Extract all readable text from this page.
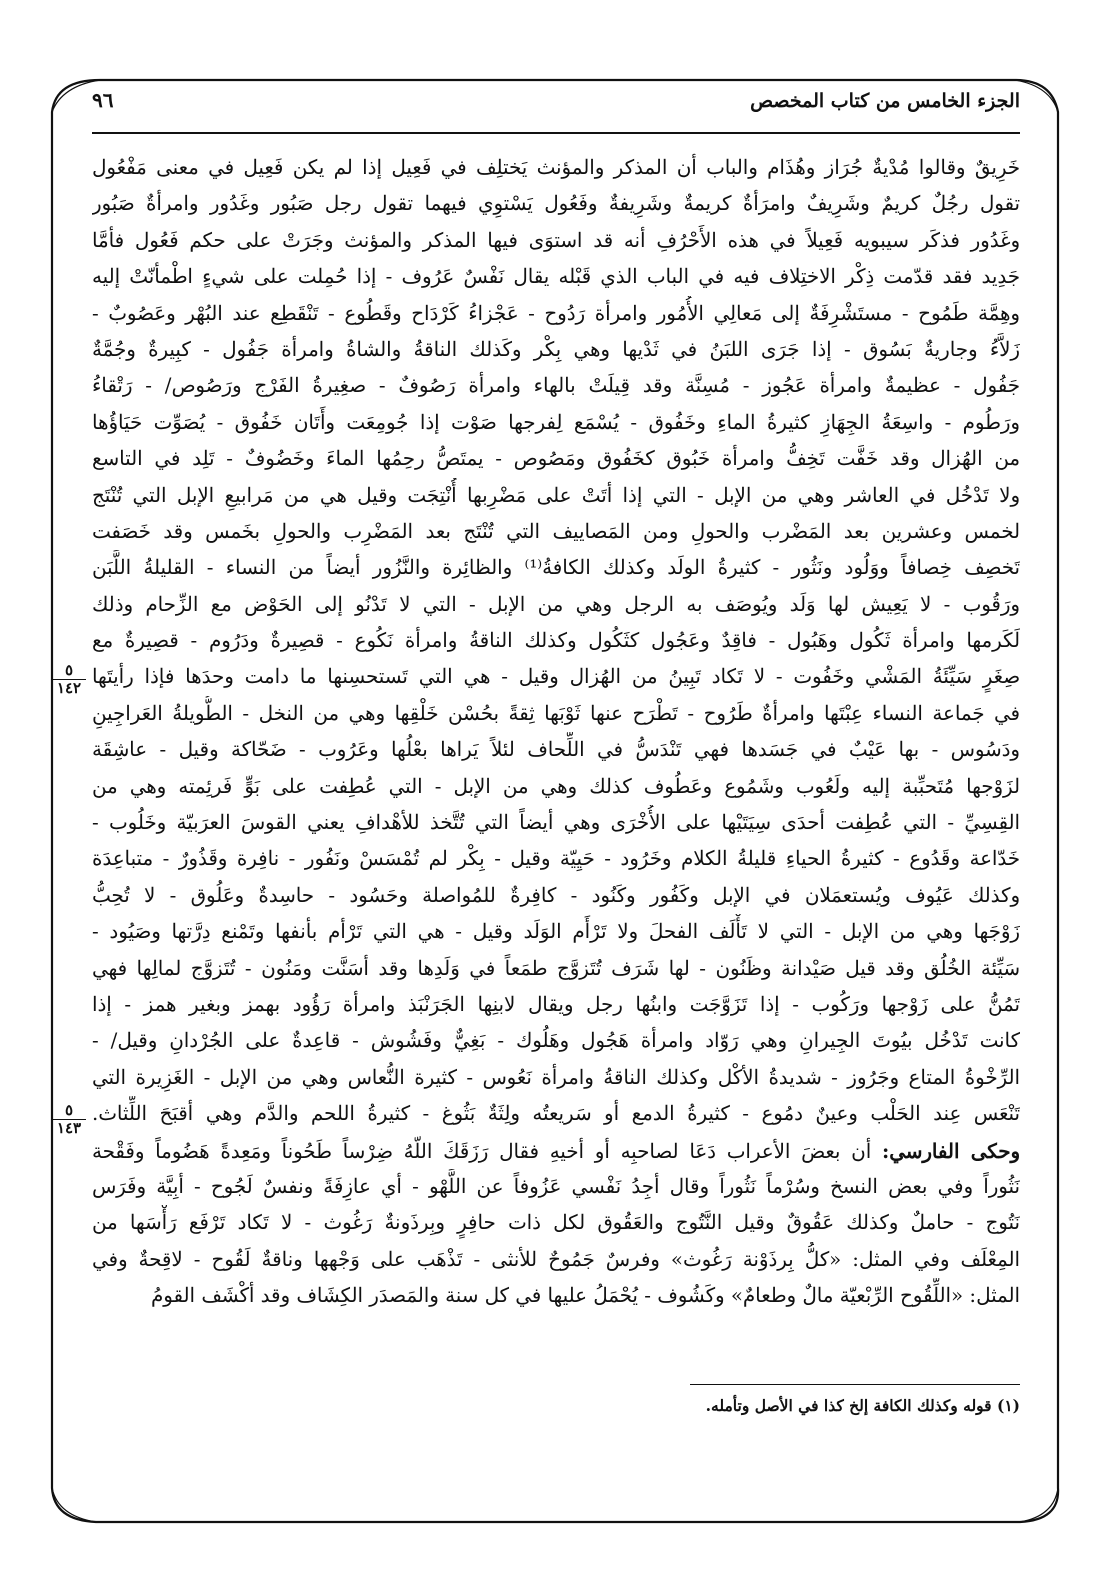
الجزء الخامس من كتاب المخصص
٩٦
خَرِيقٌ وقالوا مُدْيةٌ جُرَاز وهُذَام والباب أن المذكر والمؤنث يَختلِف في فَعِيل إذا لم يكن فَعِيل في معنى مَفْعُول
تقول رجُلٌ كريمٌ وشَرِيفٌ وامرَأةٌ كريمةٌ وشَرِيفةٌ وفَعُول يَسْتوِي فيهما تقول رجل صَبُور وغَدُور وامرأةٌ صَبُور
وغَدُور فذكَر سيبويه فَعِيلاً في هذه الأَحْرُفِ أنه قد استوَى فيها المذكر والمؤنث وجَرَتْ على حكم فَعُول فأمَّا
جَدِيد فقد قدّمت ذِكْر الاختِلاف فيه في الباب الذي قَبْله يقال نَفْسٌ عَرُوف - إذا حُمِلت على شيءٍ اطْمأنّتْ إليه
وهِمَّة طَمُوح - مستَشْرِفَةٌ إلى مَعالِي الأُمُور وامرأة رَدُوح - عَجْزاءُ كَرْدَاح وقَطُوع - تَنْقَطِع عند البُهْر وعَصُوبٌ -
زَلاَّءُ وجاريةٌ بَسُوق - إذا جَرَى اللبَنُ في ثَدْيها وهي بِكْر وكَذلك الناقةُ والشاةُ وامرأة جَفُول - كبِيرةٌ وجُمَّةٌ
جَفُول - عظيمةٌ وامرأة عَجُوز - مُسِنَّة وقد قِيلَتْ بالهاء وامرأة رَصُوفٌ - صغِيرةُ الفَرْج ورَصُوص/ - رَتْقاءُ
ورَطُوم - واسِعَةُ الجِهَازِ كثيرةُ الماءِ وخَفُوق - يُسْمَع لِفرجها صَوْت إذا جُومِعَت وأَتَان خَفُوق - يُصَوِّت حَيَاؤُها
من الهُزال وقد خَفَّت تَخِفُّ وامرأة خَبُوق كخَفُوق ومَصُوص - يمتَصُّ رحِمُها الماءَ وخَضُوفٌ - تَلِد في التاسع
ولا تَدْخُل في العاشر وهي من الإبل - التي إذا أتَتْ على مَضْرِبها أُنْتِجَت وقيل هي من مَرابيعِ الإبل التي تُنْتَج
لخمس وعشرين بعد المَضْرب والحولِ ومن المَصاييف التي تُنْتَج بعد المَضْرِب والحولِ بخَمس وقد خَصَفت
تَخصِف خِصافاً ووَلُود ونَثُور - كثيرةُ الولَد وكذلك الكافةُ⁽¹⁾ والظائِرة والنَّزُور أيضاً من النساء - القليلةُ اللَّبَن
ورَقُوب - لا يَعِيش لها وَلَد ويُوصَف به الرجل وهي من الإبل - التي لا تَدْنُو إلى الحَوْض مع الزِّحام وذلك
لَكَرمها وامرأة ثَكُول وهَبُول - فاقِدٌ وعَجُول كثَكُول وكذلك الناقةُ وامرأة نَكُوع - قصِيرةٌ ودَرُوم - قصِيرةٌ مع
صِغَرٍ سَيِّئَةُ المَشْي وخَفُوت - لا تَكاد تَبِينُ من الهُزال وقيل - هي التي تَستحسِنها ما دامت وحدَها فإذا رأيتَها
في جَماعة النساء عِبْتَها وامرأةٌ طَرُوح - تَطْرَح عنها ثَوْبَها ثِقةً بحُسْن خَلْقِها وهي من النخل - الطُّويلةُ العَراجِينِ
ودَسُوس - بها عَيْبٌ في جَسَدها فهي تَنْدَسُّ في اللِّحاف لئلاً يَراها بعْلُها وعَرُوب - ضَحّاكة وقيل - عاشِقَة
لزَوْجها مُتَحبِّبة إليه ولَعُوب وشَمُوع وعَطُوف كذلك وهي من الإبل - التي عُطِفت على بَوٍّ فَرئِمته وهي من
القِسِيِّ - التي عُطِفت أحدَى سِيَتَيْها على الأُخْرَى وهي أيضاً التي تُتَّخذ للأهْدافِ يعني القوسَ العرَبيّة وخَلُوب -
خَدّاعة وقَدُوع - كثيرةُ الحياءِ قليلةُ الكلام وخَرُود - حَيِيّة وقيل - بِكْر لم تُمْسَسْ ونَفُور - نافِرة وقَذُورٌ - متباعِدَة
وكذلك عَيُوف ويُستعمَلان في الإبل وكَفُور وكَنُود - كافِرةٌ للمُواصلة وحَسُود - حاسِدةٌ وعَلُوق - لا تُحِبُّ
زَوْجَها وهي من الإبل - التي لا تَأْلَف الفحلَ ولا تَرْأَم الوَلَد وقيل - هي التي تَرْأم بأنفها وتَمْنع دِرَّتها وصَيُود -
سَيِّئة الخُلُق وقد قيل صَيْدانة وظَنُون - لها شَرَف تُتَزوَّج طمَعاً في وَلَدِها وقد أسَنَّت ومَنُون - تُتَزوَّج لمالِها فهي
تَمُنُّ على زَوْجها ورَكُوب - إذا تَزَوَّجَت وابنُها رجل ويقال لابنِها الجَرَنْبَذ وامرأة رَؤُود بهمز وبغير همز - إذا
كانت تَدْخُل بيُوتَ الجِيرانِ وهي رَوّاد وامرأة هَجُول وهَلُوك - بَغِيٌّ وفَشُوش - قاعِدةٌ على الجُرْدانِ وقيل/ -
الرِّخْوةُ المتاع وجَرُوز - شديدةُ الأكْل وكذلك الناقةُ وامرأة نَعُوس - كثيرة النُّعاس وهي من الإبل - الغَزِيرة التي
تَنْعَس عِند الحَلْب وعينٌ دمُوع - كثيرةُ الدمع أو سَريعتُه ولِثَةٌ بَثُوغ - كثيرةُ اللحم والدَّم وهي أقبَحَ اللِّثاث.
وحكى الفارسي: أن بعضَ الأعراب دَعَا لصاحبِه أو أخيهِ فقال رَزَقَكَ اللّهُ ضِرْساً طَحُوناً ومَعِدةً هَضُوماً وفَقْحة
نَثُوراً وفي بعض النسخ وسُرْماً نَثُوراً وقال أجِدُ نَفْسي عَزُوفاً عن اللَّهْو - أي عازِفَةً ونفسٌ لَجُوح - أبِيَّة وفَرَس
نَتُوج - حاملٌ وكذلك عَقُوقٌ وقيل النَّتُوج والعَقُوق لكل ذات حافِرٍ وبِرذَونةٌ رَغُوث - لا تَكاد تَرْفَع رَأْسَها من
المِعْلَف وفي المثل: «كلُّ بِرذَوْنة رَغُوث» وفرسٌ جَمُوحٌ للأنثى - تَذْهَب على وَجْهها وناقةٌ لَقُوح - لاقِحةٌ وفي
المثل: «اللِّقُوح الرِّبْعيّة مالٌ وطعامٌ» وكَشُوف - يُحْمَلُ عليها في كل سنة والمَصدَر الكِشَاف وقد أكْشَف القومُ
٥
١٤٢
٥
١٤٣
(١) قوله وكذلك الكافة إلخ كذا في الأصل وتأمله.
